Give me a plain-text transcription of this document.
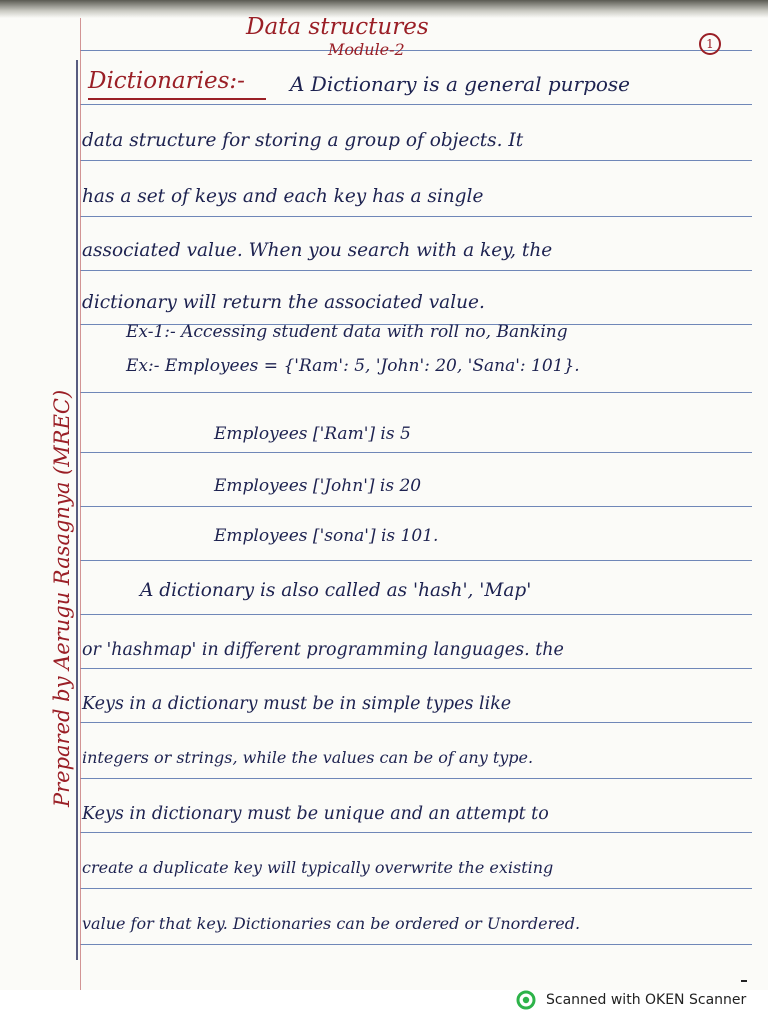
Data structures
Module-2	1
Dictionaries:- A Dictionary is a general purpose
data structure for storing a group of objects. It
has a set of keys and each key has a single
associated value. When you search with a key, the
dictionary will return the associated value.
Ex-1:- Accessing student data with roll no, Banking
Ex:- Employees = {'Ram': 5, 'John': 20, 'Sana': 101}.
Employees ['Ram'] is 5
Employees ['John'] is 20
Employees ['sona'] is 101.
A dictionary is also called as 'hash', 'Map'
or 'hashmap' in different programming languages. the
Keys in a dictionary must be in simple types like
integers or strings, while the values can be of any type.
Keys in dictionary must be unique and an attempt to
create a duplicate key will typically overwrite the existing
value for that key. Dictionaries can be ordered or Unordered.
Prepared by Aerugu Rasagnya (MREC)
Scanned with OKEN Scanner
